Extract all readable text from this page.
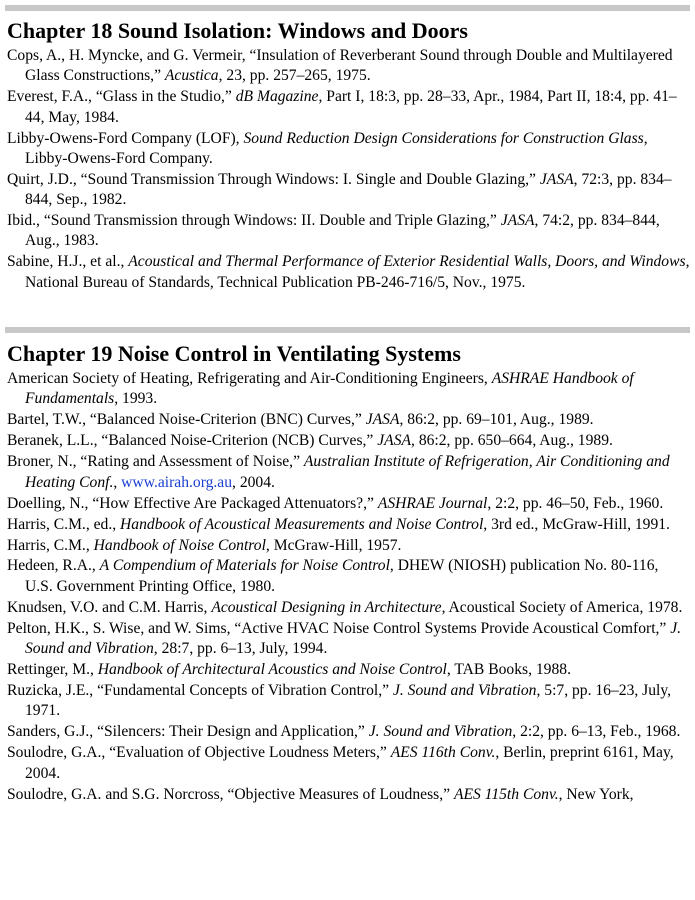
Chapter 18 Sound Isolation: Windows and Doors
Cops, A., H. Myncke, and G. Vermeir, “Insulation of Reverberant Sound through Double and Multilayered Glass Constructions,” Acustica, 23, pp. 257–265, 1975.
Everest, F.A., “Glass in the Studio,” dB Magazine, Part I, 18:3, pp. 28–33, Apr., 1984, Part II, 18:4, pp. 41–44, May, 1984.
Libby-Owens-Ford Company (LOF), Sound Reduction Design Considerations for Construction Glass, Libby-Owens-Ford Company.
Quirt, J.D., “Sound Transmission Through Windows: I. Single and Double Glazing,” JASA, 72:3, pp. 834–844, Sep., 1982.
Ibid., “Sound Transmission through Windows: II. Double and Triple Glazing,” JASA, 74:2, pp. 834–844, Aug., 1983.
Sabine, H.J., et al., Acoustical and Thermal Performance of Exterior Residential Walls, Doors, and Windows, National Bureau of Standards, Technical Publication PB-246-716/5, Nov., 1975.
Chapter 19 Noise Control in Ventilating Systems
American Society of Heating, Refrigerating and Air-Conditioning Engineers, ASHRAE Handbook of Fundamentals, 1993.
Bartel, T.W., “Balanced Noise-Criterion (BNC) Curves,” JASA, 86:2, pp. 69–101, Aug., 1989.
Beranek, L.L., “Balanced Noise-Criterion (NCB) Curves,” JASA, 86:2, pp. 650–664, Aug., 1989.
Broner, N., “Rating and Assessment of Noise,” Australian Institute of Refrigeration, Air Conditioning and Heating Conf., www.airah.org.au, 2004.
Doelling, N., “How Effective Are Packaged Attenuators?,” ASHRAE Journal, 2:2, pp. 46–50, Feb., 1960.
Harris, C.M., ed., Handbook of Acoustical Measurements and Noise Control, 3rd ed., McGraw-Hill, 1991.
Harris, C.M., Handbook of Noise Control, McGraw-Hill, 1957.
Hedeen, R.A., A Compendium of Materials for Noise Control, DHEW (NIOSH) publication No. 80-116, U.S. Government Printing Office, 1980.
Knudsen, V.O. and C.M. Harris, Acoustical Designing in Architecture, Acoustical Society of America, 1978.
Pelton, H.K., S. Wise, and W. Sims, “Active HVAC Noise Control Systems Provide Acoustical Comfort,” J. Sound and Vibration, 28:7, pp. 6–13, July, 1994.
Rettinger, M., Handbook of Architectural Acoustics and Noise Control, TAB Books, 1988.
Ruzicka, J.E., “Fundamental Concepts of Vibration Control,” J. Sound and Vibration, 5:7, pp. 16–23, July, 1971.
Sanders, G.J., “Silencers: Their Design and Application,” J. Sound and Vibration, 2:2, pp. 6–13, Feb., 1968.
Soulodre, G.A., “Evaluation of Objective Loudness Meters,” AES 116th Conv., Berlin, preprint 6161, May, 2004.
Soulodre, G.A. and S.G. Norcross, “Objective Measures of Loudness,” AES 115th Conv., New York,
